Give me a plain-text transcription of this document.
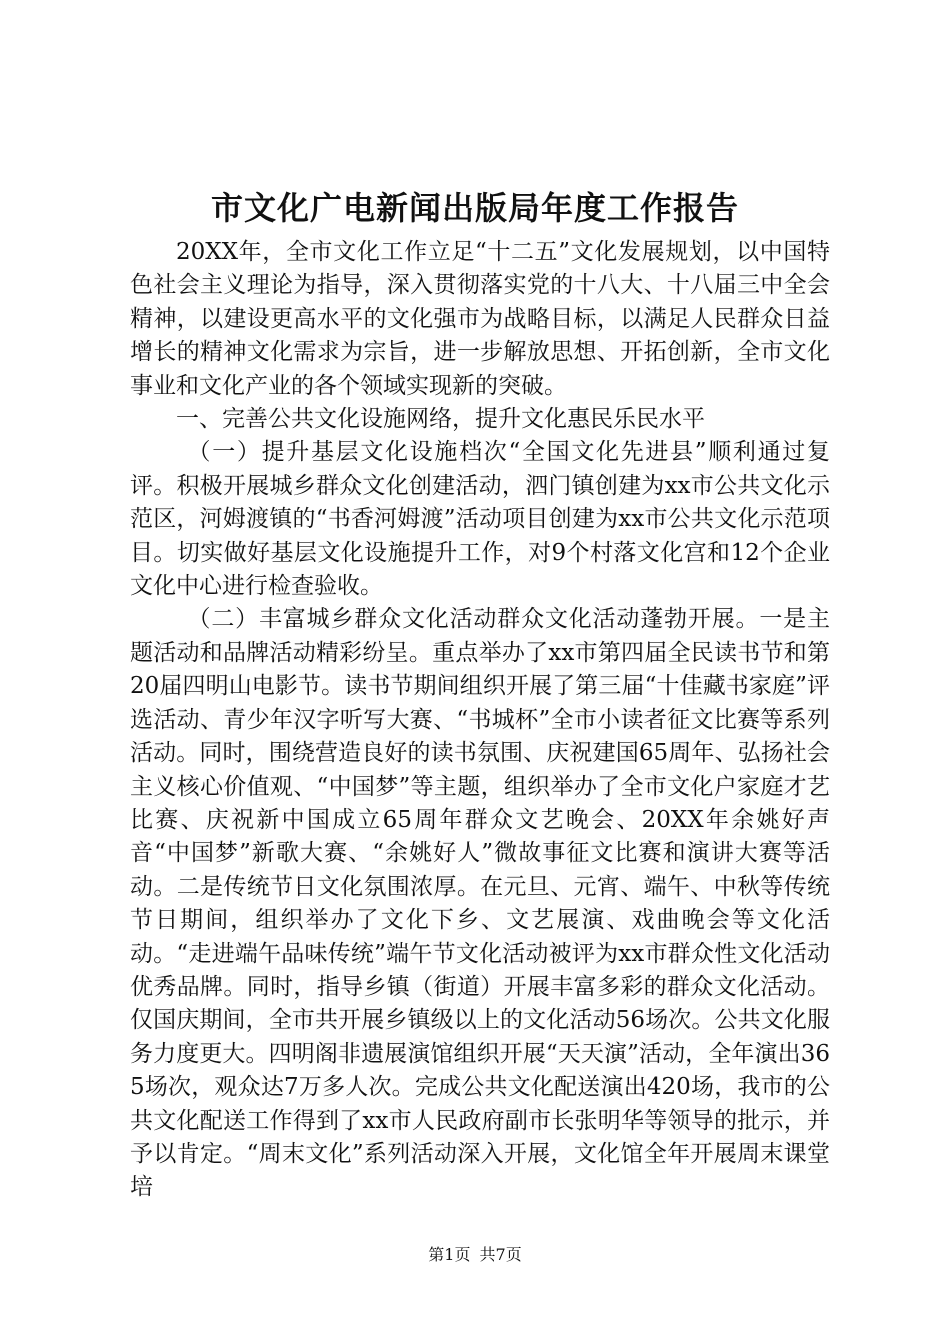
市文化广电新闻出版局年度工作报告

20XX年，全市文化工作立足“十二五”文化发展规划，以中国特色社会主义理论为指导，深入贯彻落实党的十八大、十八届三中全会精神，以建设更高水平的文化强市为战略目标，以满足人民群众日益增长的精神文化需求为宗旨，进一步解放思想、开拓创新，全市文化事业和文化产业的各个领域实现新的突破。

一、完善公共文化设施网络，提升文化惠民乐民水平

（一）提升基层文化设施档次“全国文化先进县”顺利通过复评。积极开展城乡群众文化创建活动，泗门镇创建为xx市公共文化示范区，河姆渡镇的“书香河姆渡”活动项目创建为xx市公共文化示范项目。切实做好基层文化设施提升工作，对9个村落文化宫和12个企业文化中心进行检查验收。

（二）丰富城乡群众文化活动群众文化活动蓬勃开展。一是主题活动和品牌活动精彩纷呈。重点举办了xx市第四届全民读书节和第20届四明山电影节。读书节期间组织开展了第三届“十佳藏书家庭”评选活动、青少年汉字听写大赛、“书城杯”全市小读者征文比赛等系列活动。同时，围绕营造良好的读书氛围、庆祝建国65周年、弘扬社会主义核心价值观、“中国梦”等主题，组织举办了全市文化户家庭才艺比赛、庆祝新中国成立65周年群众文艺晚会、20XX年余姚好声音“中国梦”新歌大赛、“余姚好人”微故事征文比赛和演讲大赛等活动。二是传统节日文化氛围浓厚。在元旦、元宵、端午、中秋等传统节日期间，组织举办了文化下乡、文艺展演、戏曲晚会等文化活动。“走进端午品味传统”端午节文化活动被评为xx市群众性文化活动优秀品牌。同时，指导乡镇（街道）开展丰富多彩的群众文化活动。仅国庆期间，全市共开展乡镇级以上的文化活动56场次。公共文化服务力度更大。四明阁非遗展演馆组织开展“天天演”活动，全年演出365场次，观众达7万多人次。完成公共文化配送演出420场，我市的公共文化配送工作得到了xx市人民政府副市长张明华等领导的批示，并予以肯定。“周末文化”系列活动深入开展，文化馆全年开展周末课堂培

第1页 共7页
